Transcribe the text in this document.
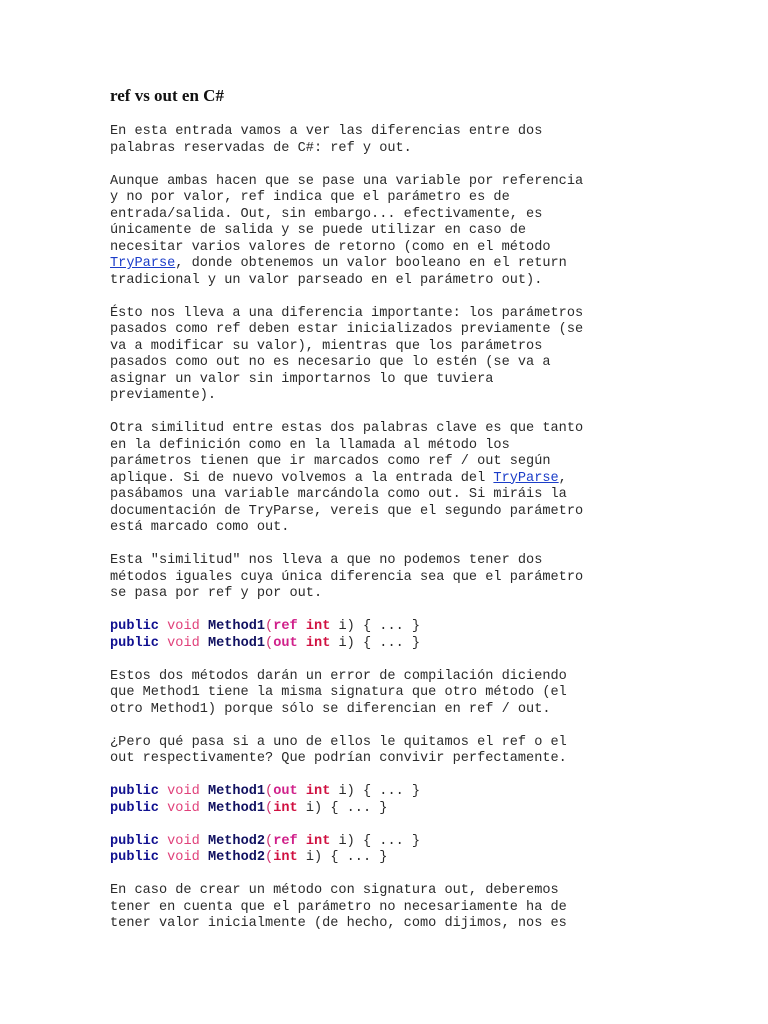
ref vs out en C#
En esta entrada vamos a ver las diferencias entre dos
palabras reservadas de C#: ref y out.
Aunque ambas hacen que se pase una variable por referencia
y no por valor, ref indica que el parámetro es de
entrada/salida. Out, sin embargo... efectivamente, es
únicamente de salida y se puede utilizar en caso de
necesitar varios valores de retorno (como en el método
TryParse, donde obtenemos un valor booleano en el return
tradicional y un valor parseado en el parámetro out).
Ésto nos lleva a una diferencia importante: los parámetros
pasados como ref deben estar inicializados previamente (se
va a modificar su valor), mientras que los parámetros
pasados como out no es necesario que lo estén (se va a
asignar un valor sin importarnos lo que tuviera
previamente).
Otra similitud entre estas dos palabras clave es que tanto
en la definición como en la llamada al método los
parámetros tienen que ir marcados como ref / out según
aplique. Si de nuevo volvemos a la entrada del TryParse,
pasábamos una variable marcándola como out. Si miráis la
documentación de TryParse, vereis que el segundo parámetro
está marcado como out.
Esta "similitud" nos lleva a que no podemos tener dos
métodos iguales cuya única diferencia sea que el parámetro
se pasa por ref y por out.
public void Method1(ref int i) { ... }
public void Method1(out int i) { ... }
Estos dos métodos darán un error de compilación diciendo
que Method1 tiene la misma signatura que otro método (el
otro Method1) porque sólo se diferencian en ref / out.
¿Pero qué pasa si a uno de ellos le quitamos el ref o el
out respectivamente? Que podrían convivir perfectamente.
public void Method1(out int i) { ... }
public void Method1(int i) { ... }
public void Method2(ref int i) { ... }
public void Method2(int i) { ... }
En caso de crear un método con signatura out, deberemos
tener en cuenta que el parámetro no necesariamente ha de
tener valor inicialmente (de hecho, como dijimos, nos es
